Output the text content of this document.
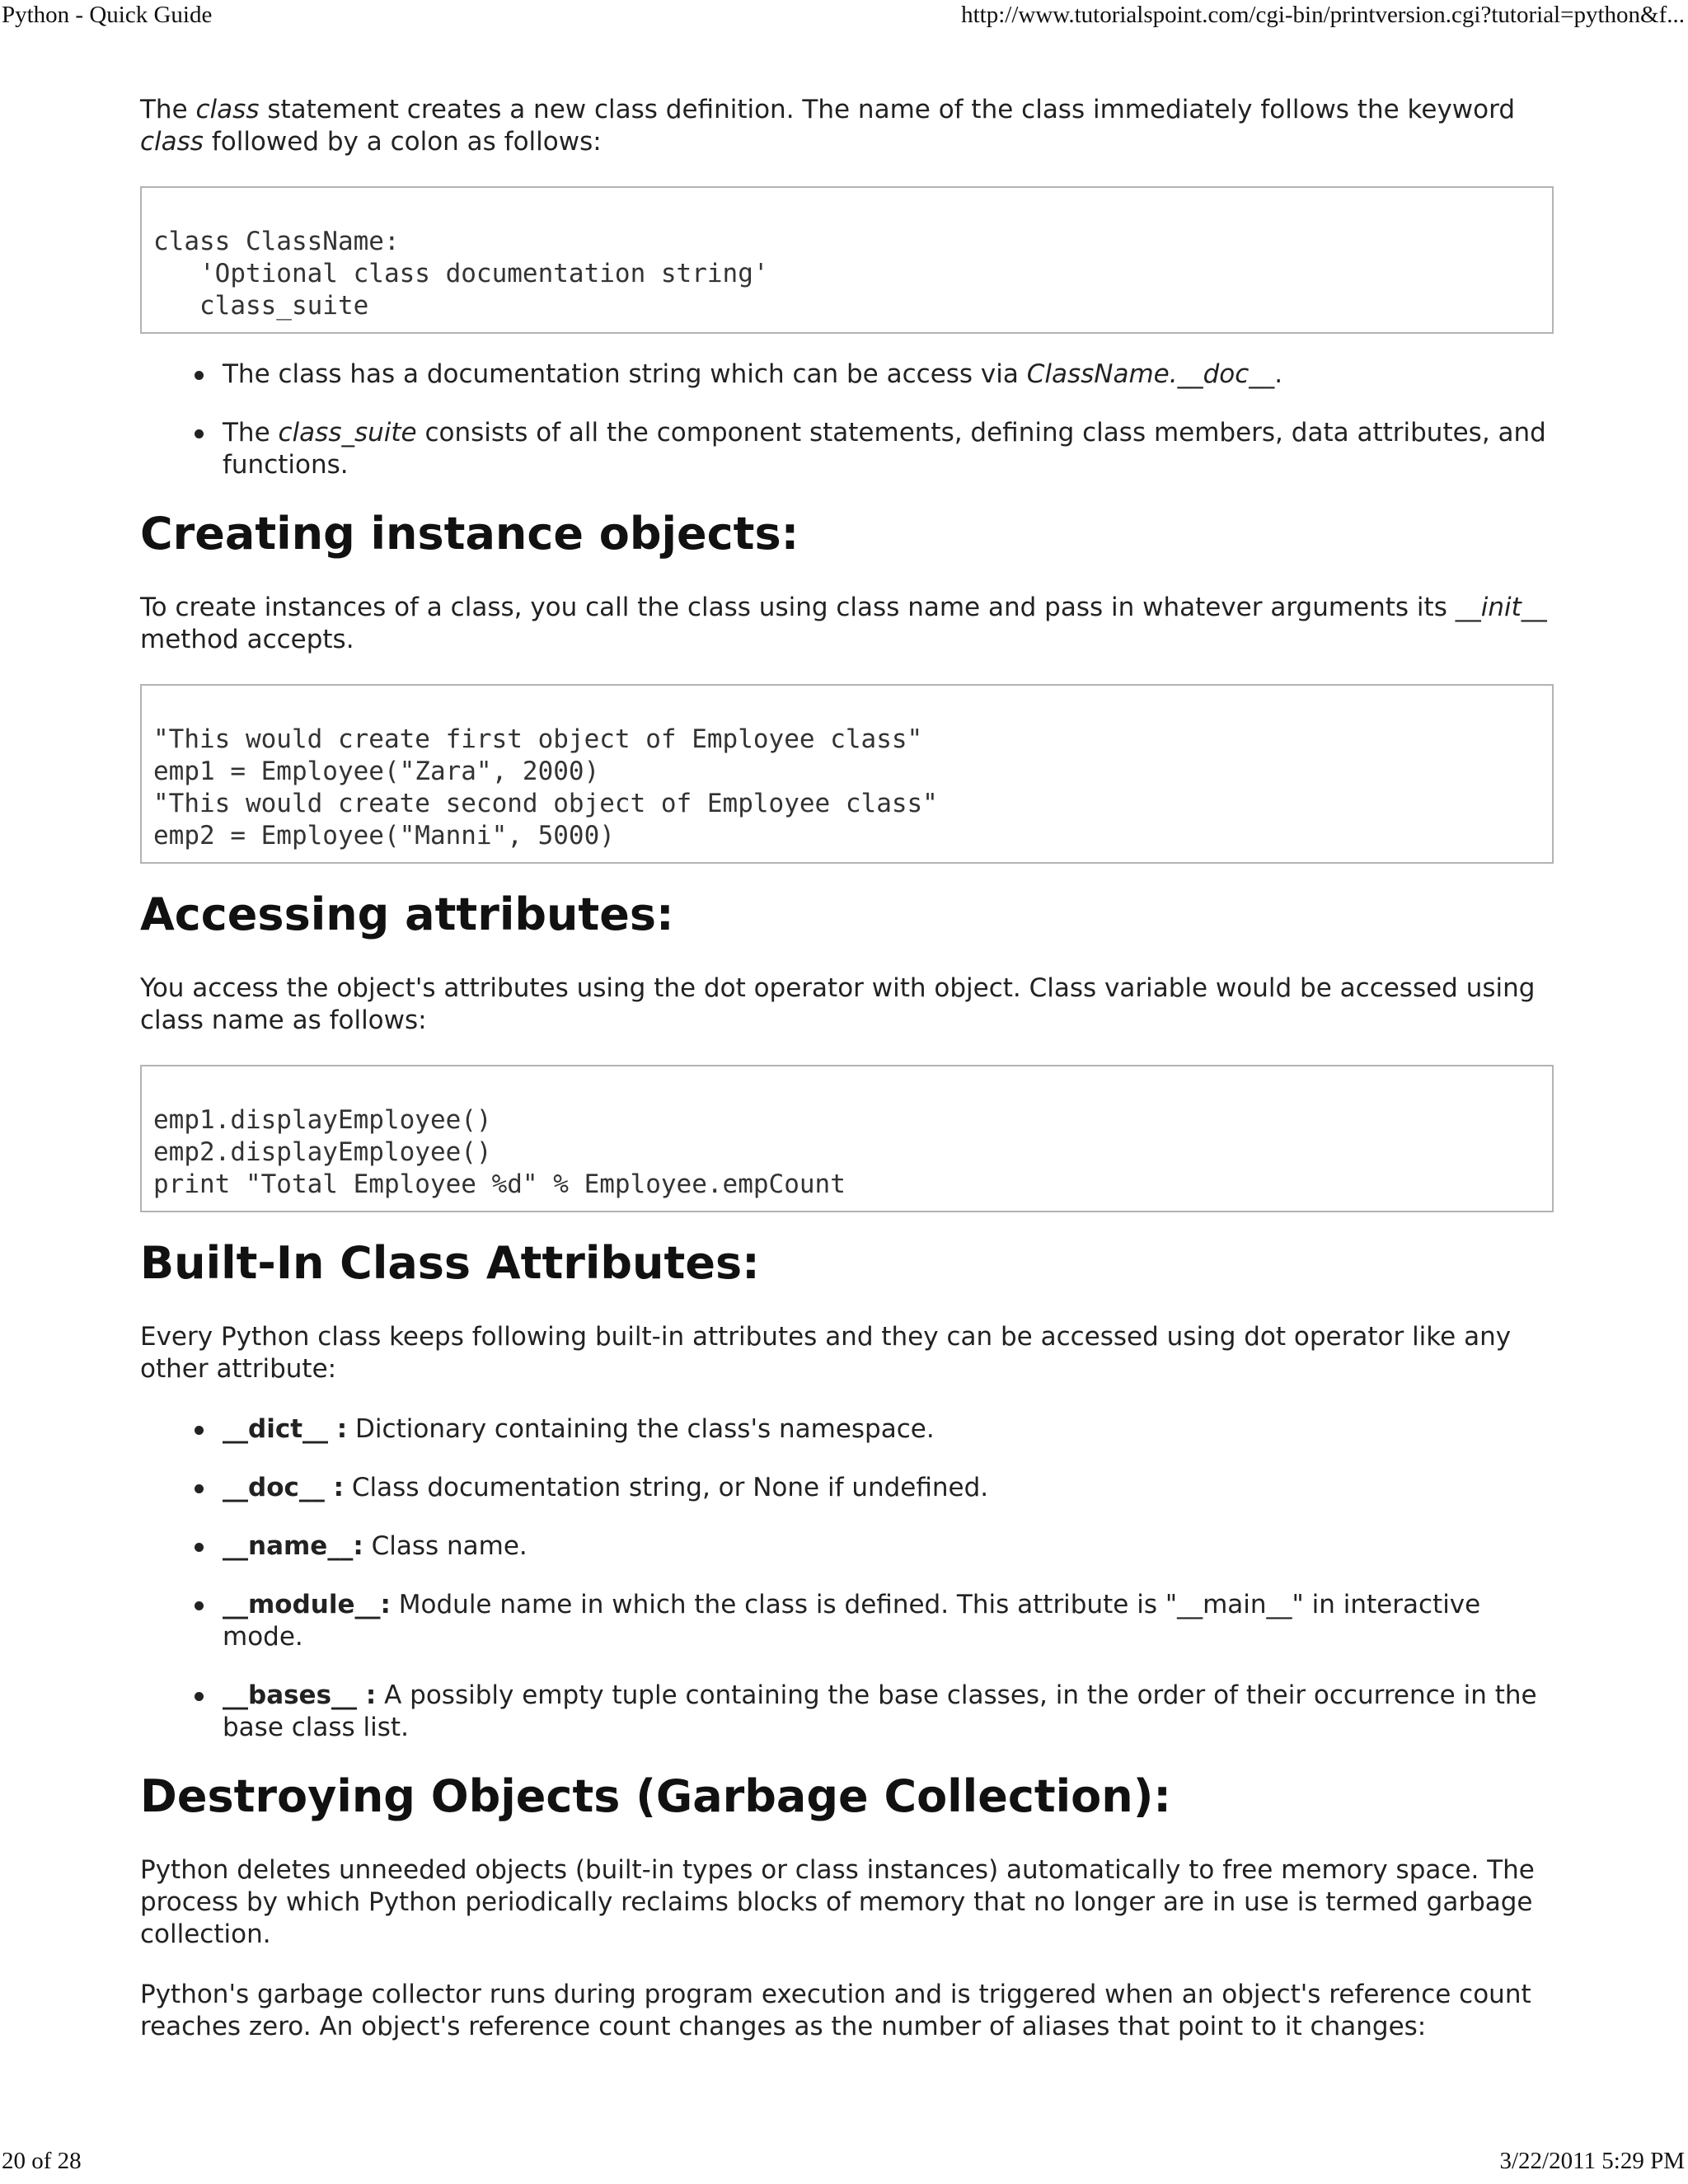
Python - Quick Guide	http://www.tutorialspoint.com/cgi-bin/printversion.cgi?tutorial=python&f...

The class statement creates a new class definition. The name of the class immediately follows the keyword class followed by a colon as follows:

class ClassName:
'Optional class documentation string'
class_suite
The class has a documentation string which can be access via ClassName.__doc__.
The class_suite consists of all the component statements, defining class members, data attributes, and functions.
Creating instance objects:

To create instances of a class, you call the class using class name and pass in whatever arguments its __init__ method accepts.

"This would create first object of Employee class"
emp1 = Employee("Zara", 2000)
"This would create second object of Employee class"
emp2 = Employee("Manni", 5000)
Accessing attributes:

You access the object's attributes using the dot operator with object. Class variable would be accessed using class name as follows:

emp1.displayEmployee()
emp2.displayEmployee()
print "Total Employee %d" % Employee.empCount
Built-In Class Attributes:

Every Python class keeps following built-in attributes and they can be accessed using dot operator like any other attribute:

__dict__ : Dictionary containing the class's namespace.
__doc__ : Class documentation string, or None if undefined.
__name__: Class name.
__module__: Module name in which the class is defined. This attribute is "__main__" in interactive mode.
__bases__ : A possibly empty tuple containing the base classes, in the order of their occurrence in the base class list.
Destroying Objects (Garbage Collection):

Python deletes unneeded objects (built-in types or class instances) automatically to free memory space. The process by which Python periodically reclaims blocks of memory that no longer are in use is termed garbage collection.

Python's garbage collector runs during program execution and is triggered when an object's reference count reaches zero. An object's reference count changes as the number of aliases that point to it changes:

20 of 28	3/22/2011 5:29 PM
